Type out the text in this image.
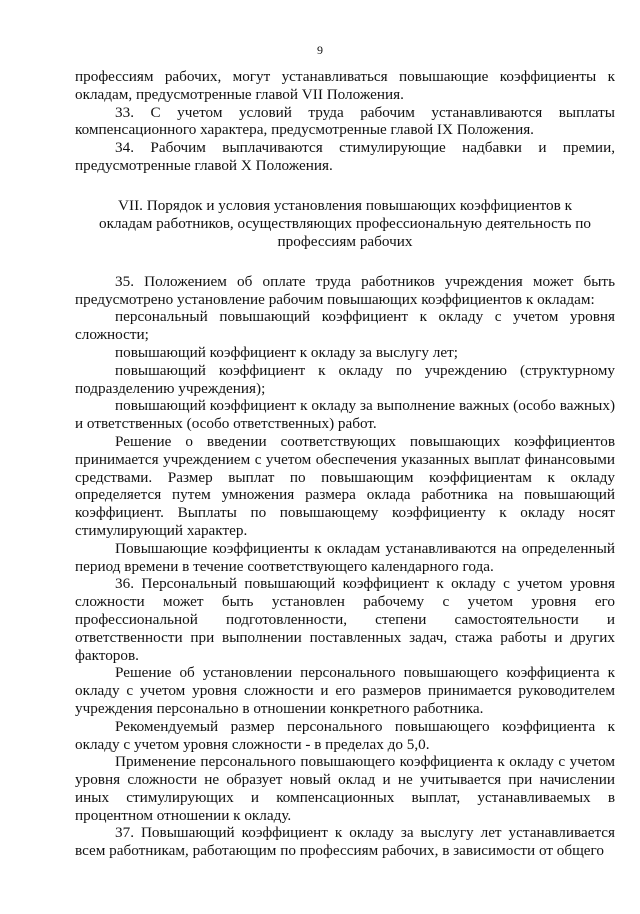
9

профессиям рабочих, могут устанавливаться повышающие коэффициенты к окладам, предусмотренные главой VII Положения.

33. С учетом условий труда рабочим устанавливаются выплаты компенсационного характера, предусмотренные главой IX Положения.

34. Рабочим выплачиваются стимулирующие надбавки и премии, предусмотренные главой X Положения.

VII. Порядок и условия установления повышающих коэффициентов к окладам работников, осуществляющих профессиональную деятельность по профессиям рабочих

35. Положением об оплате труда работников учреждения может быть предусмотрено установление рабочим повышающих коэффициентов к окладам:

персональный повышающий коэффициент к окладу с учетом уровня сложности;

повышающий коэффициент к окладу за выслугу лет;

повышающий коэффициент к окладу по учреждению (структурному подразделению учреждения);

повышающий коэффициент к окладу за выполнение важных (особо важных) и ответственных (особо ответственных) работ.

Решение о введении соответствующих повышающих коэффициентов принимается учреждением с учетом обеспечения указанных выплат финансовыми средствами. Размер выплат по повышающим коэффициентам к окладу определяется путем умножения размера оклада работника на повышающий коэффициент. Выплаты по повышающему коэффициенту к окладу носят стимулирующий характер.

Повышающие коэффициенты к окладам устанавливаются на определенный период времени в течение соответствующего календарного года.

36. Персональный повышающий коэффициент к окладу с учетом уровня сложности может быть установлен рабочему с учетом уровня его профессиональной подготовленности, степени самостоятельности и ответственности при выполнении поставленных задач, стажа работы и других факторов.

Решение об установлении персонального повышающего коэффициента к окладу с учетом уровня сложности и его размеров принимается руководителем учреждения персонально в отношении конкретного работника.

Рекомендуемый размер персонального повышающего коэффициента к окладу с учетом уровня сложности - в пределах до 5,0.

Применение персонального повышающего коэффициента к окладу с учетом уровня сложности не образует новый оклад и не учитывается при начислении иных стимулирующих и компенсационных выплат, устанавливаемых в процентном отношении к окладу.

37. Повышающий коэффициент к окладу за выслугу лет устанавливается всем работникам, работающим по профессиям рабочих, в зависимости от общего
